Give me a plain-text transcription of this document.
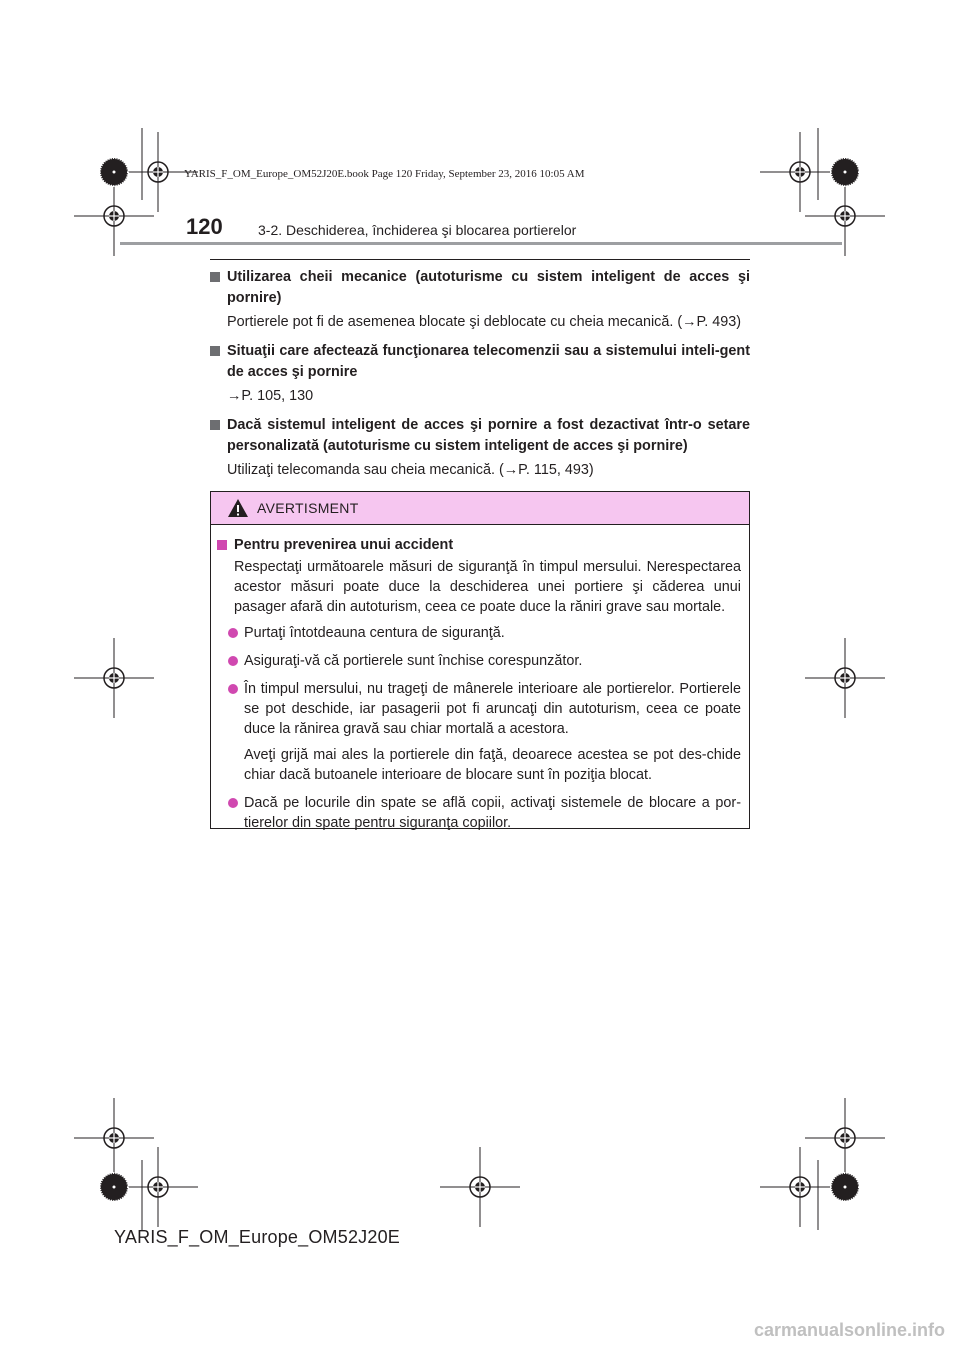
YARIS_F_OM_Europe_OM52J20E.book Page 120 Friday, September 23, 2016 10:05 AM
120	3-2. Deschiderea, închiderea şi blocarea portierelor
Utilizarea cheii mecanice (autoturisme cu sistem inteligent de acces şi pornire)
Portierele pot fi de asemenea blocate şi deblocate cu cheia mecanică. (→P. 493)
Situaţii care afectează funcţionarea telecomenzii sau a sistemului inteli-gent de acces şi pornire
→P. 105, 130
Dacă sistemul inteligent de acces şi pornire a fost dezactivat într-o setare personalizată (autoturisme cu sistem inteligent de acces şi pornire)
Utilizaţi telecomanda sau cheia mecanică. (→P. 115, 493)
AVERTISMENT
Pentru prevenirea unui accident
Respectaţi următoarele măsuri de siguranţă în timpul mersului. Nerespectarea acestor măsuri poate duce la deschiderea unei portiere şi căderea unui pasager afară din autoturism, ceea ce poate duce la răniri grave sau mortale.

Purtaţi întotdeauna centura de siguranţă.

Asiguraţi-vă că portierele sunt închise corespunzător.

În timpul mersului, nu trageţi de mânerele interioare ale portierelor. Portierele se pot deschide, iar pasagerii pot fi aruncaţi din autoturism, ceea ce poate duce la rănirea gravă sau chiar mortală a acestora.

Aveţi grijă mai ales la portierele din faţă, deoarece acestea se pot des-chide chiar dacă butoanele interioare de blocare sunt în poziţia blocat.

Dacă pe locurile din spate se află copii, activaţi sistemele de blocare a por-tierelor din spate pentru siguranţa copiilor.

YARIS_F_OM_Europe_OM52J20E
carmanualsonline.info
